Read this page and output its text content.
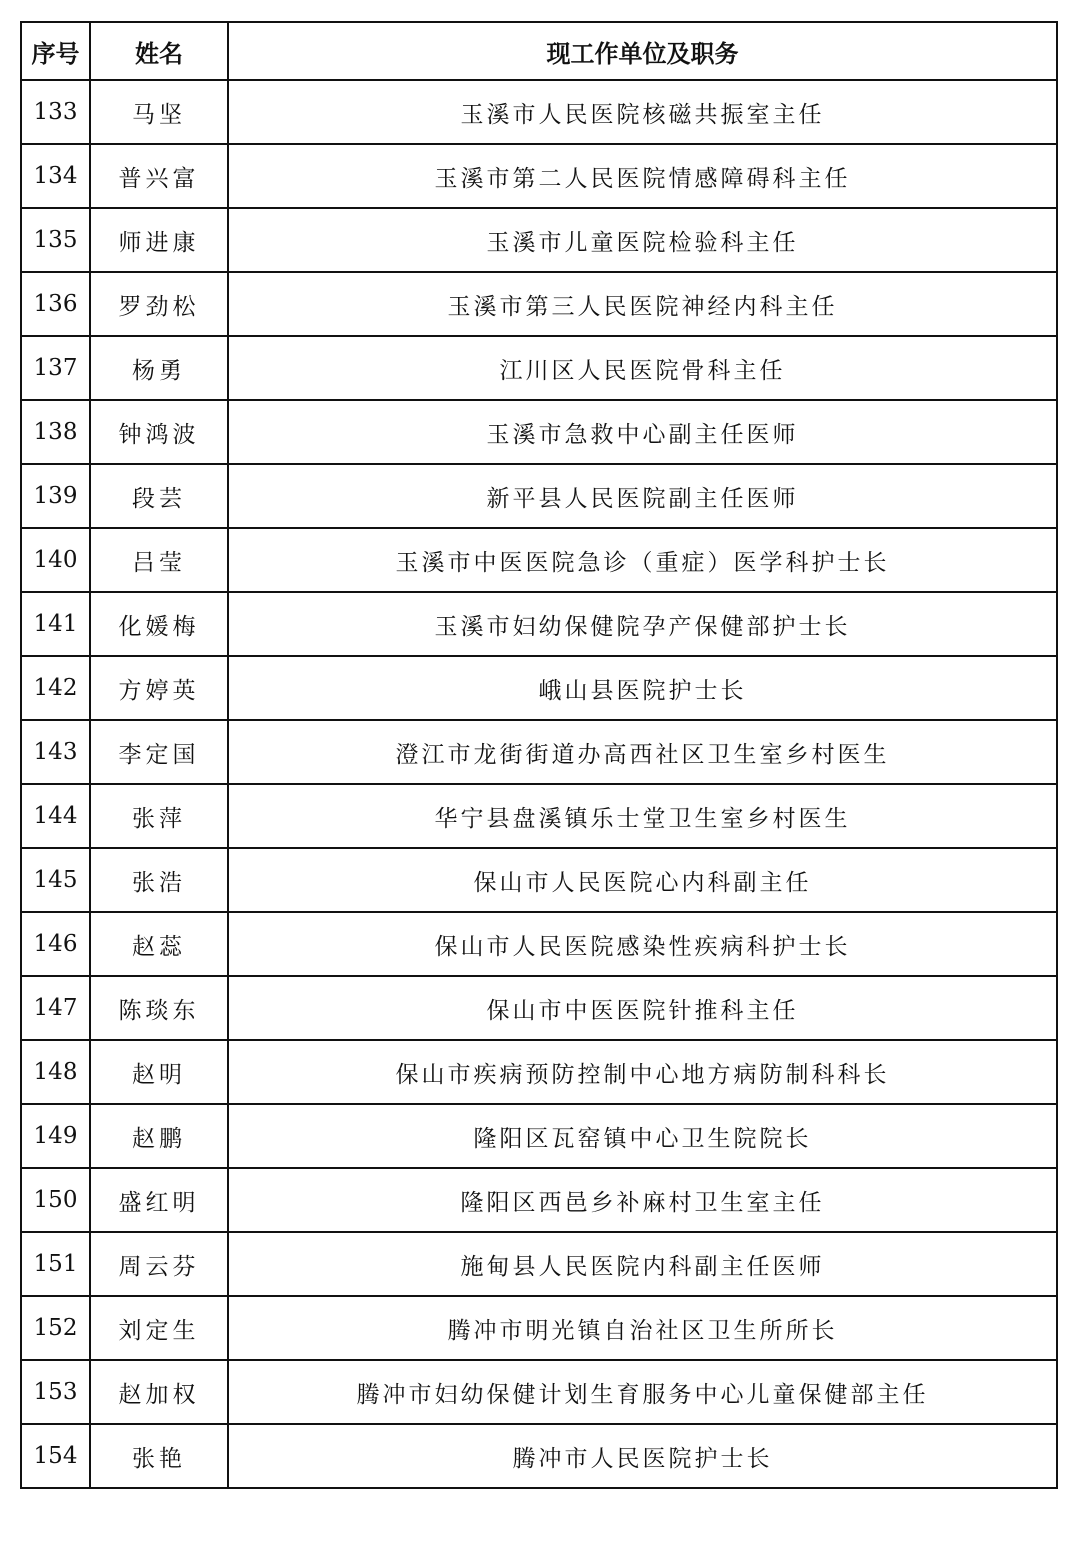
序号	姓名	现工作单位及职务
133	马坚	玉溪市人民医院核磁共振室主任
134	普兴富	玉溪市第二人民医院情感障碍科主任
135	师进康	玉溪市儿童医院检验科主任
136	罗劲松	玉溪市第三人民医院神经内科主任
137	杨勇	江川区人民医院骨科主任
138	钟鸿波	玉溪市急救中心副主任医师
139	段芸	新平县人民医院副主任医师
140	吕莹	玉溪市中医医院急诊（重症）医学科护士长
141	化媛梅	玉溪市妇幼保健院孕产保健部护士长
142	方婷英	峨山县医院护士长
143	李定国	澄江市龙街街道办高西社区卫生室乡村医生
144	张萍	华宁县盘溪镇乐士堂卫生室乡村医生
145	张浩	保山市人民医院心内科副主任
146	赵蕊	保山市人民医院感染性疾病科护士长
147	陈琰东	保山市中医医院针推科主任
148	赵明	保山市疾病预防控制中心地方病防制科科长
149	赵鹏	隆阳区瓦窑镇中心卫生院院长
150	盛红明	隆阳区西邑乡补麻村卫生室主任
151	周云芬	施甸县人民医院内科副主任医师
152	刘定生	腾冲市明光镇自治社区卫生所所长
153	赵加权	腾冲市妇幼保健计划生育服务中心儿童保健部主任
154	张艳	腾冲市人民医院护士长
